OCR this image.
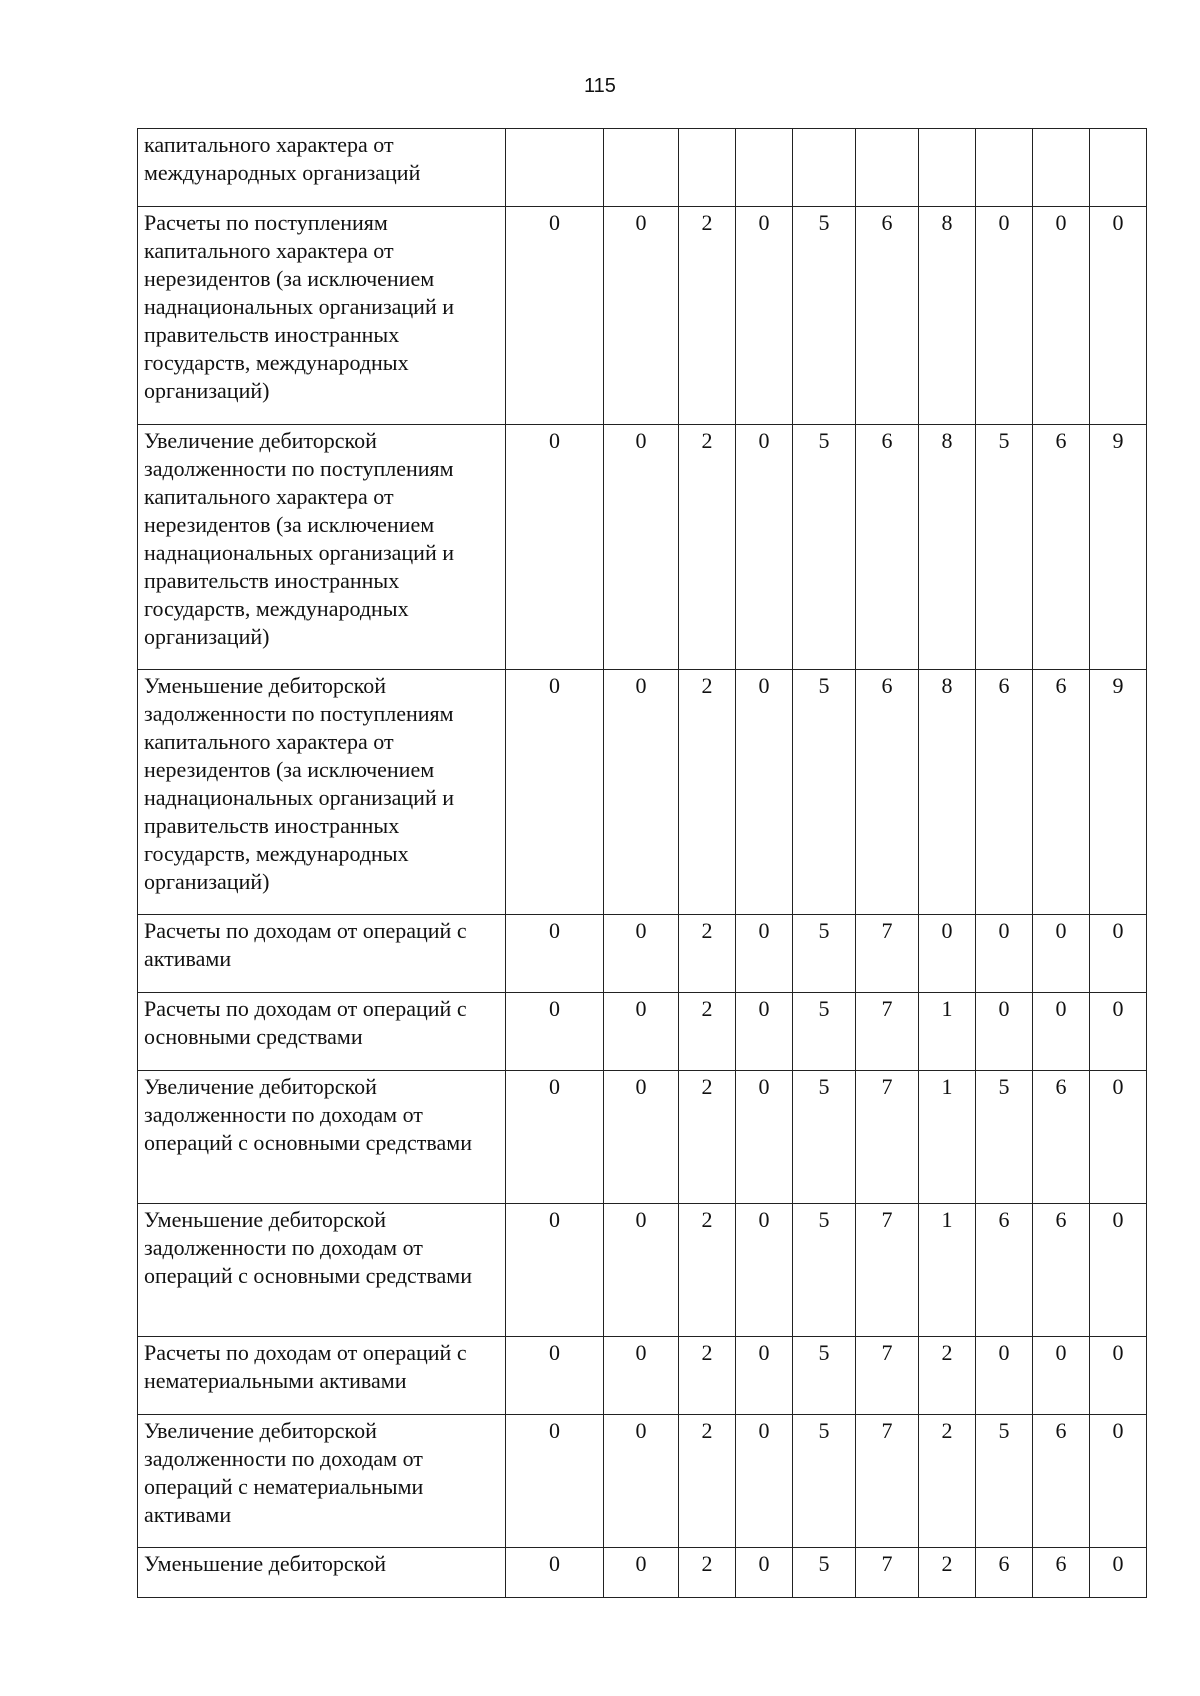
115
капитального характера от международных организаций										
Расчеты по поступлениям капитального характера от нерезидентов (за исключением наднациональных организаций и правительств иностранных государств, международных организаций)	0	0	2	0	5	6	8	0	0	0
Увеличение дебиторской задолженности по поступлениям капитального характера от нерезидентов (за исключением наднациональных организаций и правительств иностранных государств, международных организаций)	0	0	2	0	5	6	8	5	6	9
Уменьшение дебиторской задолженности по поступлениям капитального характера от нерезидентов (за исключением наднациональных организаций и правительств иностранных государств, международных организаций)	0	0	2	0	5	6	8	6	6	9
Расчеты по доходам от операций с активами	0	0	2	0	5	7	0	0	0	0
Расчеты по доходам от операций с основными средствами	0	0	2	0	5	7	1	0	0	0
Увеличение дебиторской задолженности по доходам от операций с основными средствами	0	0	2	0	5	7	1	5	6	0
Уменьшение дебиторской задолженности по доходам от операций с основными средствами	0	0	2	0	5	7	1	6	6	0
Расчеты по доходам от операций с нематериальными активами	0	0	2	0	5	7	2	0	0	0
Увеличение дебиторской задолженности по доходам от операций с нематериальными активами	0	0	2	0	5	7	2	5	6	0
Уменьшение дебиторской	0	0	2	0	5	7	2	6	6	0
